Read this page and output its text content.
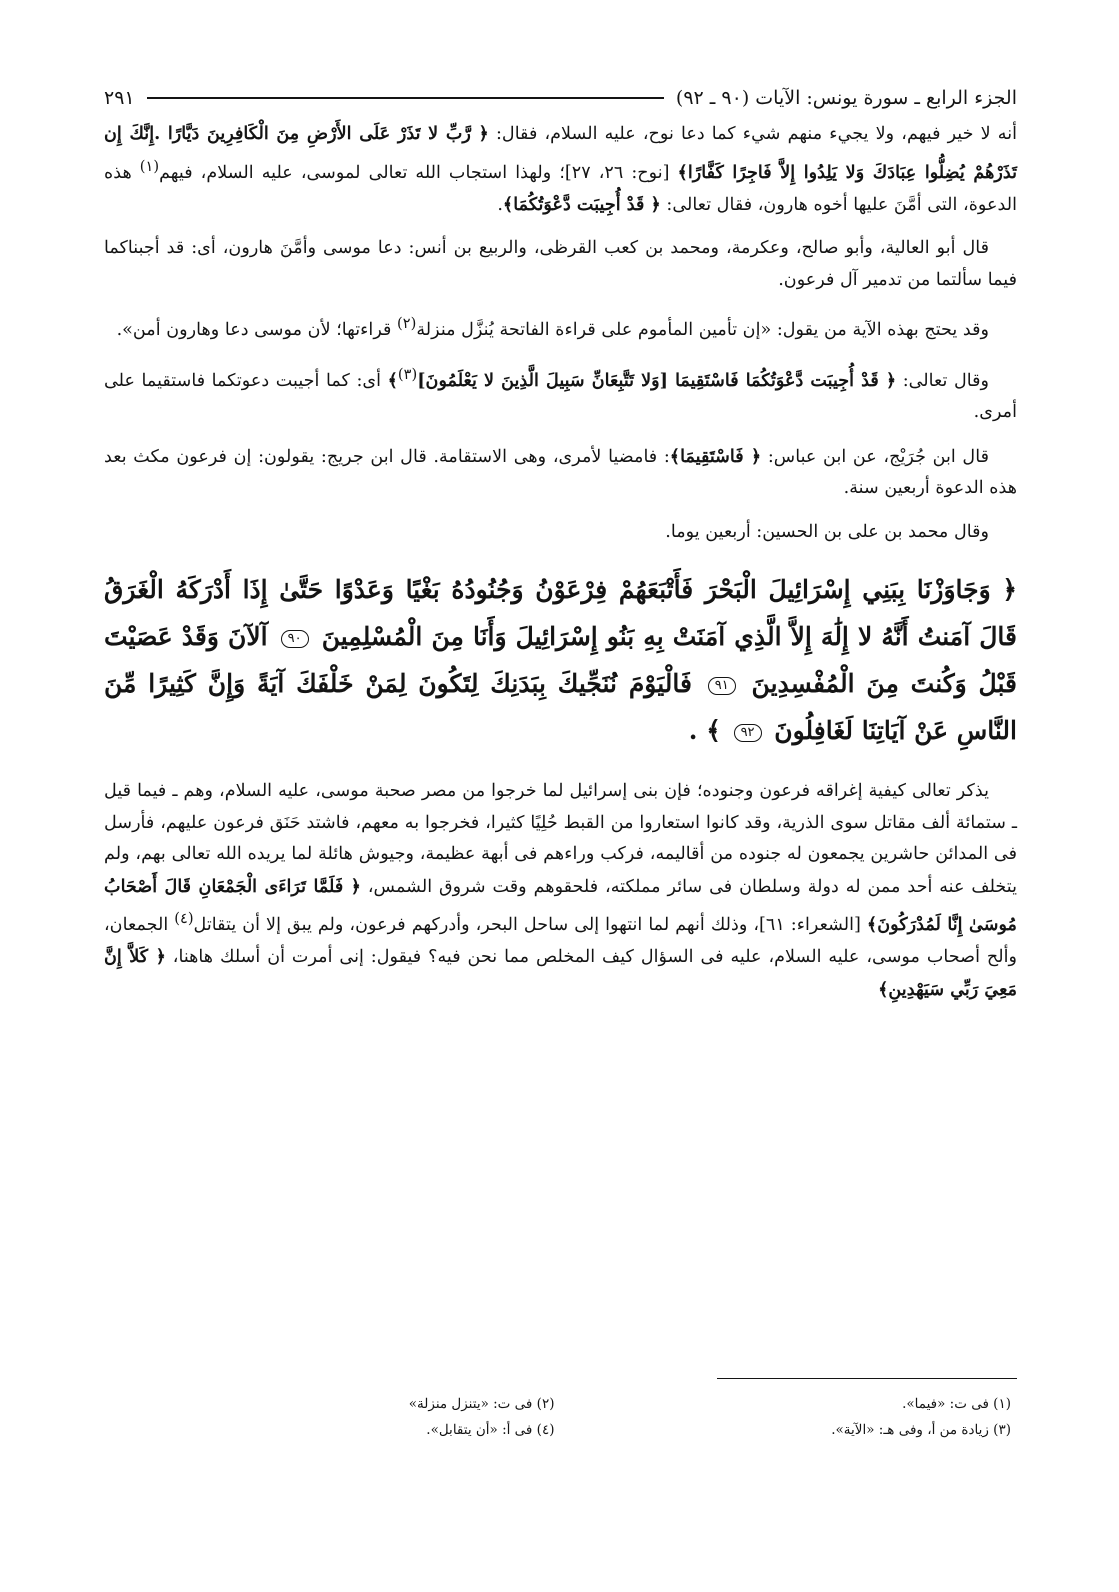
الجزء الرابع ـ سورة يونس: الآيات (٩٠ ـ ٩٢)
٢٩١

أنه لا خير فيهم، ولا يجيء منهم شيء كما دعا نوح، عليه السلام، فقال: ﴿ رَّبِّ لا تَذَرْ عَلَى الأَرْضِ مِنَ الْكَافِرِينَ دَيَّارًا .إِنَّكَ إِن تَذَرْهُمْ يُضِلُّوا عِبَادَكَ وَلا يَلِدُوا إِلاَّ فَاجِرًا كَفَّارًا﴾ [نوح: ٢٦، ٢٧]؛ ولهذا استجاب الله تعالى لموسى، عليه السلام، فيهم$^{(١)}$ هذه الدعوة، التى أمَّنَ عليها أخوه هارون، فقال تعالى: ﴿ قَدْ أُجِيبَت دَّعْوَتُكُمَا﴾.

قال أبو العالية، وأبو صالح، وعكرمة، ومحمد بن كعب القرظى، والربيع بن أنس: دعا موسى وأمَّنَ هارون، أى: قد أجبناكما فيما سألتما من تدمير آل فرعون.

وقد يحتج بهذه الآية من يقول: «إن تأمين المأموم على قراءة الفاتحة يُنزَّل منزلة$^{(٢)}$ قراءتها؛ لأن موسى دعا وهارون أمن».

وقال تعالى: ﴿ قَدْ أُجِيبَت دَّعْوَتُكُمَا فَاسْتَقِيمَا [وَلا تَتَّبِعَانِّ سَبِيلَ الَّذِينَ لا يَعْلَمُونَ]$^{(٣)}$﴾ أى: كما أجيبت دعوتكما فاستقيما على أمرى.

قال ابن جُرَيْج، عن ابن عباس: ﴿ فَاسْتَقِيمَا﴾: فامضيا لأمرى، وهى الاستقامة. قال ابن جريج: يقولون: إن فرعون مكث بعد هذه الدعوة أربعين سنة.

وقال محمد بن على بن الحسين: أربعين يوما.

﴿ وَجَاوَزْنَا بِبَنِي إِسْرَائِيلَ الْبَحْرَ فَأَتْبَعَهُمْ فِرْعَوْنُ وَجُنُودُهُ بَغْيًا وَعَدْوًا حَتَّىٰ إِذَا أَدْرَكَهُ الْغَرَقُ قَالَ آمَنتُ أَنَّهُ لا إِلَٰهَ إِلاَّ الَّذِي آمَنَتْ بِهِ بَنُو إِسْرَائِيلَ وَأَنَا مِنَ الْمُسْلِمِينَ ٩٠ آلآنَ وَقَدْ عَصَيْتَ قَبْلُ وَكُنتَ مِنَ الْمُفْسِدِينَ ٩١ فَالْيَوْمَ نُنَجِّيكَ بِبَدَنِكَ لِتَكُونَ لِمَنْ خَلْفَكَ آيَةً وَإِنَّ كَثِيرًا مِّنَ النَّاسِ عَنْ آيَاتِنَا لَغَافِلُونَ ٩٢ ﴾ .

يذكر تعالى كيفية إغراقه فرعون وجنوده؛ فإن بنى إسرائيل لما خرجوا من مصر صحبة موسى، عليه السلام، وهم ـ فيما قيل ـ ستمائة ألف مقاتل سوى الذرية، وقد كانوا استعاروا من القبط حُلِيًا كثيرا، فخرجوا به معهم، فاشتد حَنَق فرعون عليهم، فأرسل فى المدائن حاشرين يجمعون له جنوده من أقاليمه، فركب وراءهم فى أبهة عظيمة، وجيوش هائلة لما يريده الله تعالى بهم، ولم يتخلف عنه أحد ممن له دولة وسلطان فى سائر مملكته، فلحقوهم وقت شروق الشمس، ﴿ فَلَمَّا تَرَاءَى الْجَمْعَانِ قَالَ أَصْحَابُ مُوسَىٰ إِنَّا لَمُدْرَكُونَ﴾ [الشعراء: ٦١]، وذلك أنهم لما انتهوا إلى ساحل البحر، وأدركهم فرعون، ولم يبق إلا أن يتقاتل$^{(٤)}$ الجمعان، وألح أصحاب موسى، عليه السلام، عليه فى السؤال كيف المخلص مما نحن فيه؟ فيقول: إنى أمرت أن أسلك هاهنا، ﴿ كَلاَّ إِنَّ مَعِيَ رَبِّي سَيَهْدِينِ﴾

(١) فى ت: «فيما».
(٢) فى ت: «يتنزل منزلة»
(٣) زيادة من أ، وفى هـ: «الآية».
(٤) فى أ: «أن يتقابل».
